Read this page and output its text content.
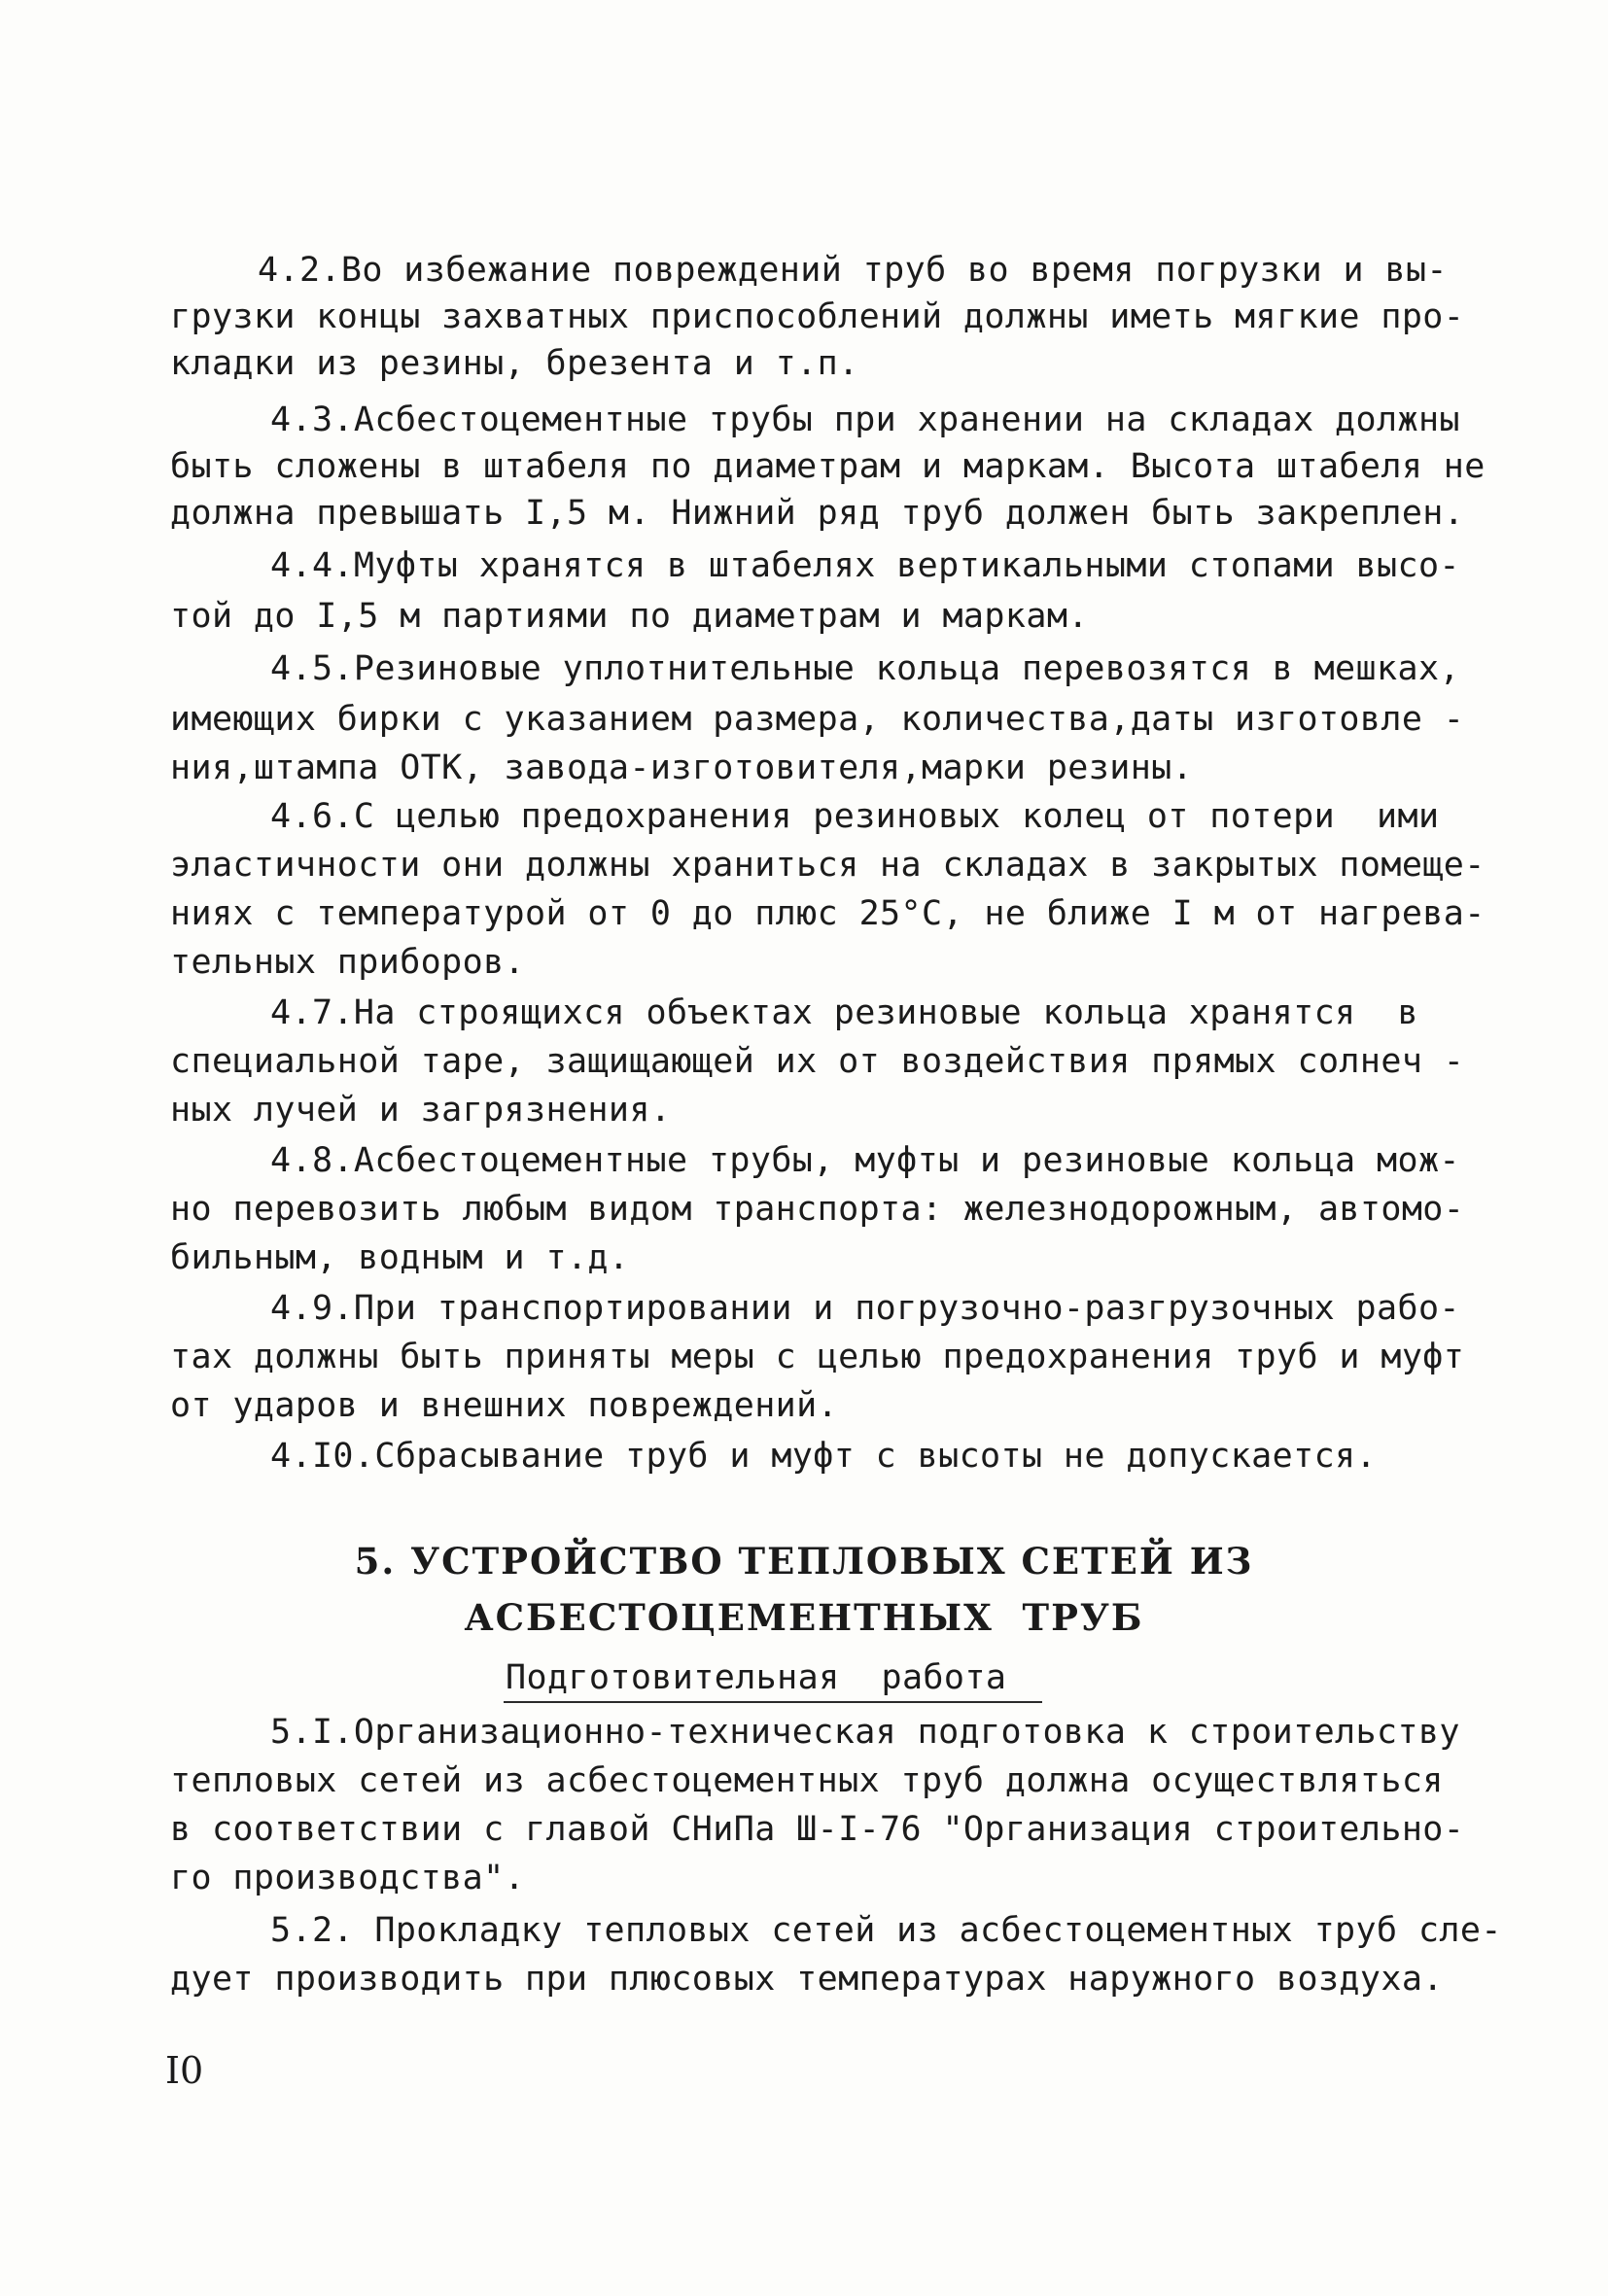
4.2.Во избежание повреждений труб во время погрузки и вы-
грузки концы захватных приспособлений должны иметь мягкие про-
кладки из резины, брезента и т.п.
4.3.Асбестоцементные трубы при хранении на складах должны
быть сложены в штабеля по диаметрам и маркам. Высота штабеля не
должна превышать I,5 м. Нижний ряд труб должен быть закреплен.
4.4.Муфты хранятся в штабелях вертикальными стопами высо-
той до I,5 м партиями по диаметрам и маркам.
4.5.Резиновые уплотнительные кольца перевозятся в мешках,
имеющих бирки с указанием размера, количества,даты изготовле -
ния,штампа ОТК, завода-изготовителя,марки резины.
4.6.С целью предохранения резиновых колец от потери  ими
эластичности они должны храниться на складах в закрытых помеще-
ниях с температурой от 0 до плюс 25°С, не ближе I м от нагрева-
тельных приборов.
4.7.На строящихся объектах резиновые кольца хранятся  в
специальной таре, защищающей их от воздействия прямых солнеч -
ных лучей и загрязнения.
4.8.Асбестоцементные трубы, муфты и резиновые кольца мож-
но перевозить любым видом транспорта: железнодорожным, автомо-
бильным, водным и т.д.
4.9.При транспортировании и погрузочно-разгрузочных рабо-
тах должны быть приняты меры с целью предохранения труб и муфт
от ударов и внешних повреждений.
4.I0.Сбрасывание труб и муфт с высоты не допускается.
5. УСТРОЙСТВО ТЕПЛОВЫХ СЕТЕЙ ИЗ
АСБЕСТОЦЕМЕНТНЫХ  ТРУБ
Подготовительная  работа
5.I.Организационно-техническая подготовка к строительству
тепловых сетей из асбестоцементных труб должна осуществляться
в соответствии с главой СНиПа Ш-I-76 "Организация строительно-
го производства".
5.2. Прокладку тепловых сетей из асбестоцементных труб сле-
дует производить при плюсовых температурах наружного воздуха.
I0
